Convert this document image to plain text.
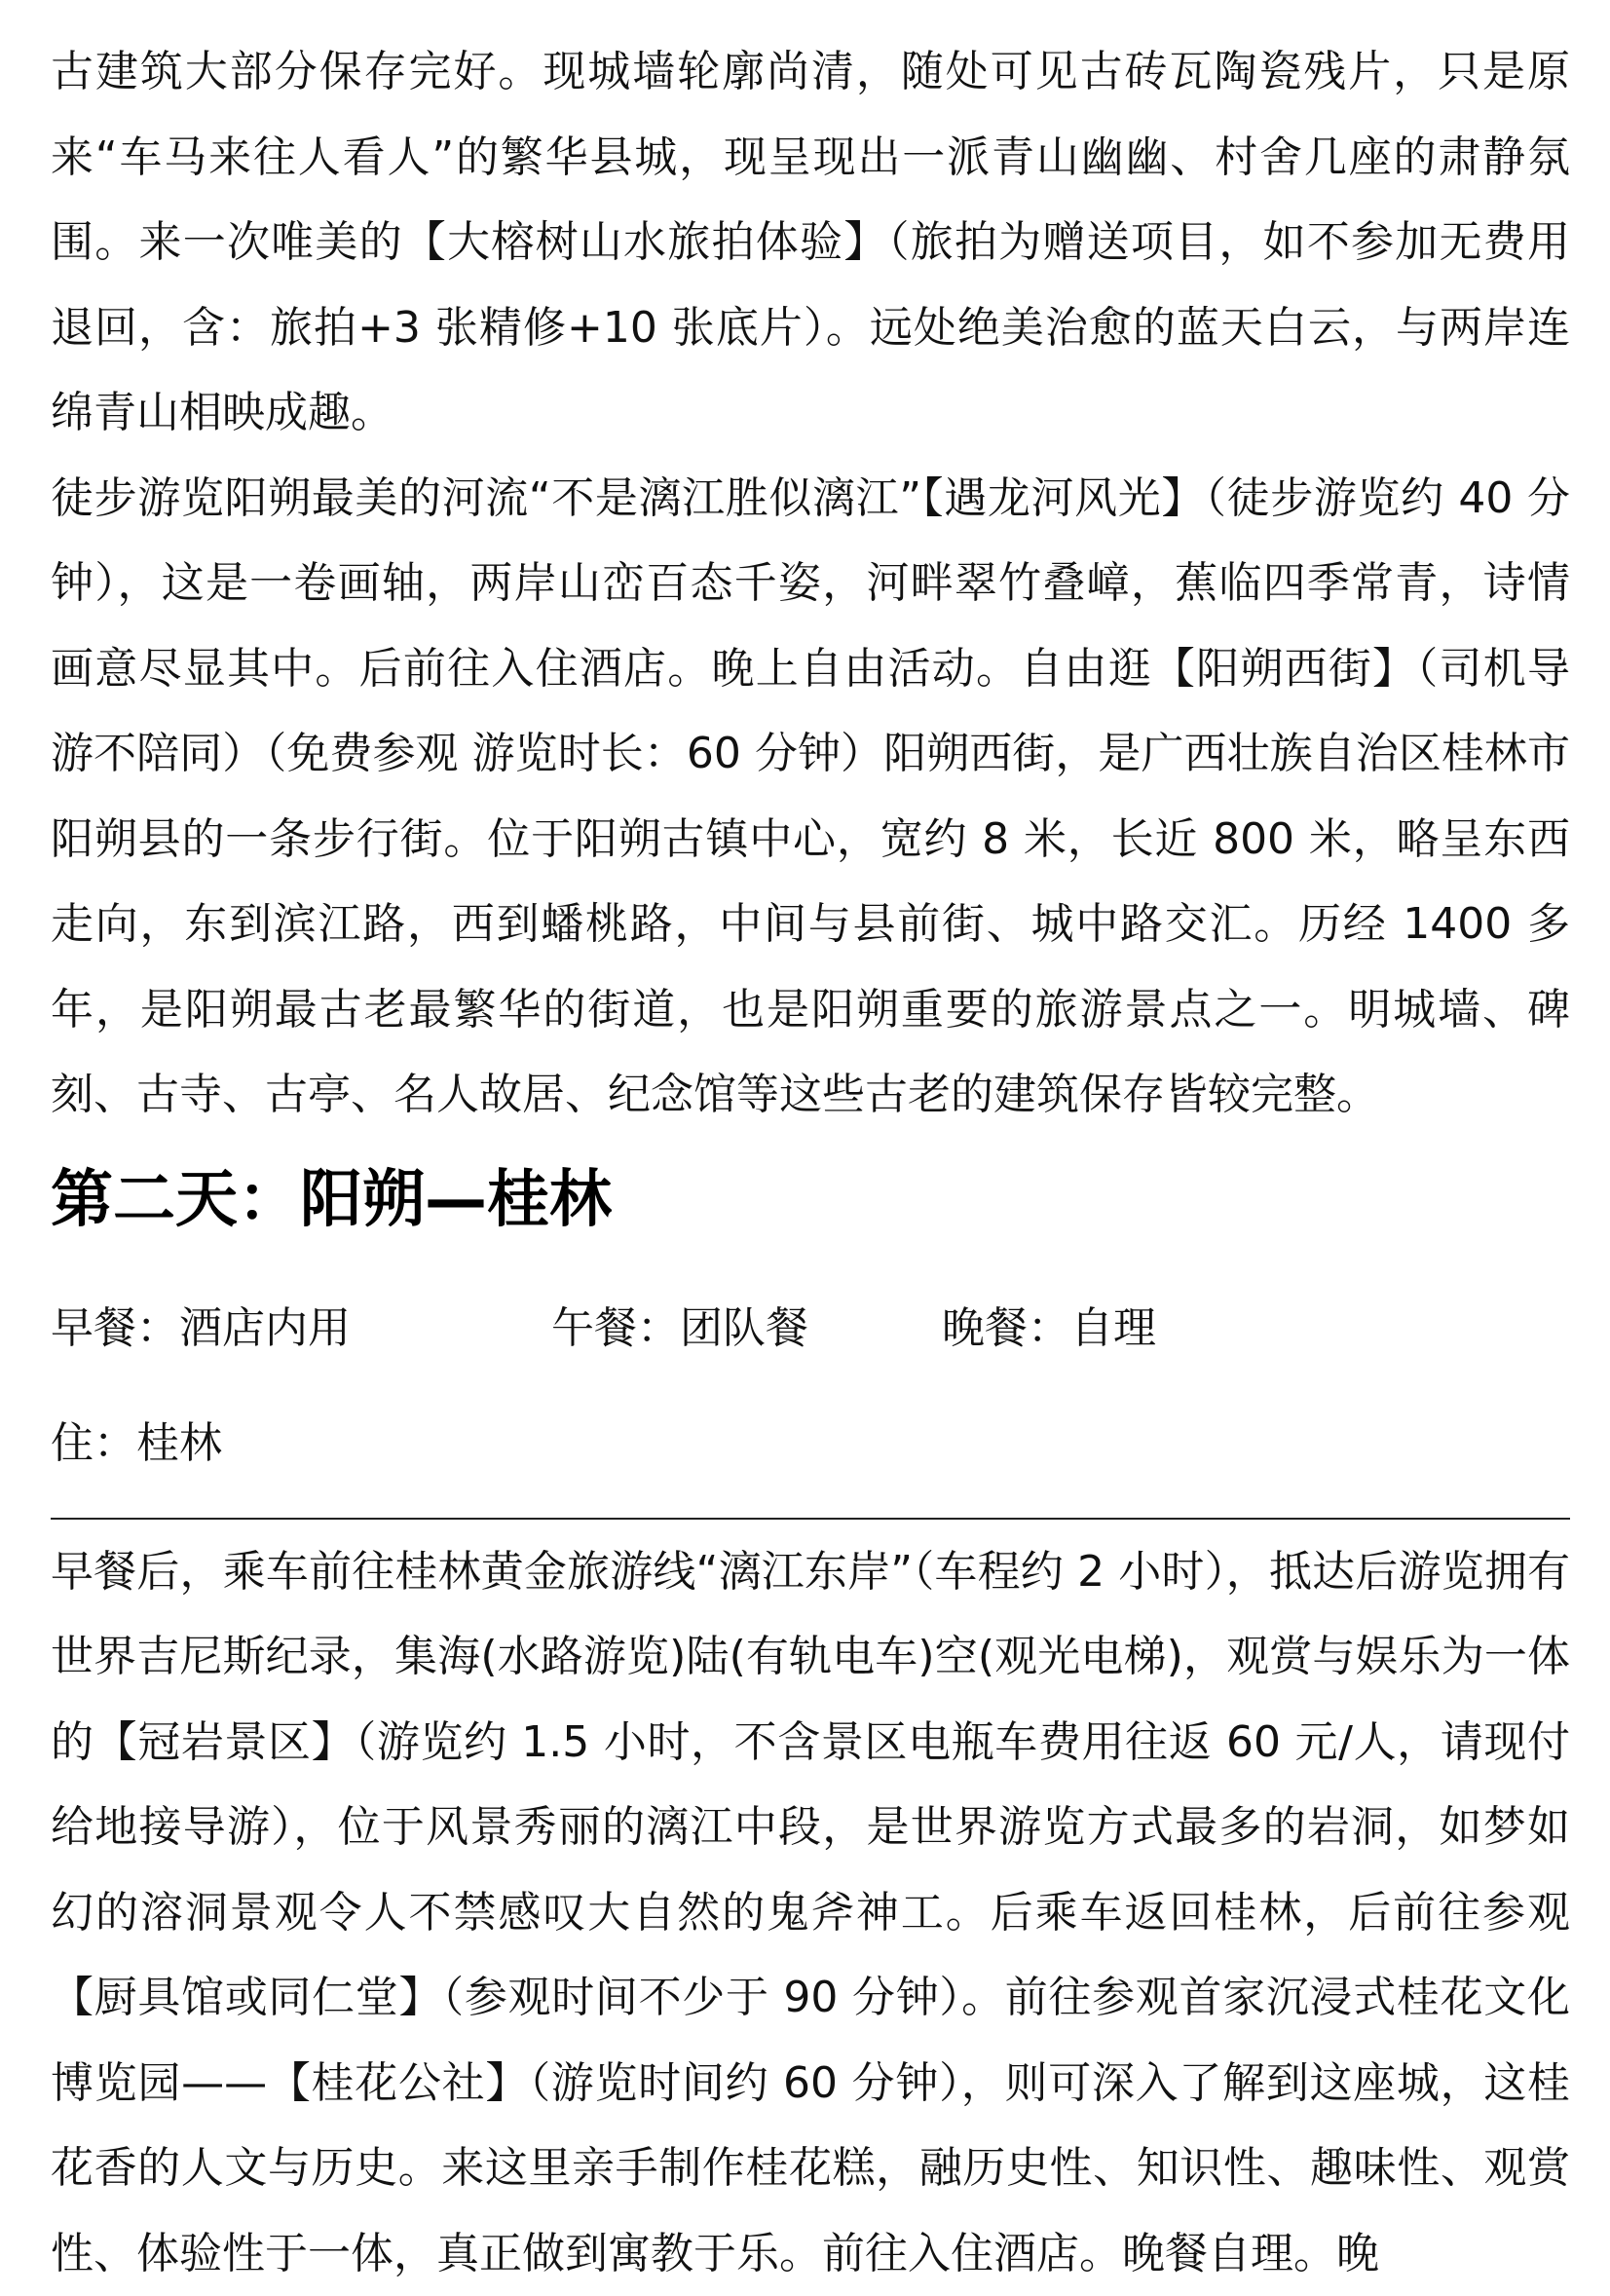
古建筑大部分保存完好。现城墙轮廓尚清，随处可见古砖瓦陶瓷残片，只是原来“车马来往人看人”的繁华县城，现呈现出一派青山幽幽、村舍几座的肃静氛围。来一次唯美的【大榕树山水旅拍体验】（旅拍为赠送项目，如不参加无费用退回，含：旅拍+3 张精修+10 张底片）。远处绝美治愈的蓝天白云，与两岸连绵青山相映成趣。

徒步游览阳朔最美的河流“不是漓江胜似漓江”【遇龙河风光】（徒步游览约 40 分钟），这是一卷画轴，两岸山峦百态千姿，河畔翠竹叠嶂，蕉临四季常青，诗情画意尽显其中。后前往入住酒店。晚上自由活动。自由逛【阳朔西街】（司机导游不陪同）（免费参观 游览时长：60 分钟）阳朔西街，是广西壮族自治区桂林市阳朔县的一条步行街。位于阳朔古镇中心，宽约 8 米，长近 800 米，略呈东西走向，东到滨江路，西到蟠桃路，中间与县前街、城中路交汇。历经 1400 多年，是阳朔最古老最繁华的街道，也是阳朔重要的旅游景点之一。明城墙、碑刻、古寺、古亭、名人故居、纪念馆等这些古老的建筑保存皆较完整。

第二天：阳朔—桂林
早餐：酒店内用	午餐：团队餐	晚餐：自理
住：桂林

早餐后，乘车前往桂林黄金旅游线“漓江东岸”（车程约 2 小时），抵达后游览拥有世界吉尼斯纪录，集海(水路游览)陆(有轨电车)空(观光电梯)，观赏与娱乐为一体的【冠岩景区】（游览约 1.5 小时，不含景区电瓶车费用往返 60 元/人，请现付给地接导游），位于风景秀丽的漓江中段，是世界游览方式最多的岩洞，如梦如幻的溶洞景观令人不禁感叹大自然的鬼斧神工。后乘车返回桂林，后前往参观【厨具馆或同仁堂】（参观时间不少于 90 分钟）。前往参观首家沉浸式桂花文化博览园——【桂花公社】（游览时间约 60 分钟），则可深入了解到这座城，这桂花香的人文与历史。来这里亲手制作桂花糕，融历史性、知识性、趣味性、观赏性、体验性于一体，真正做到寓教于乐。前往入住酒店。晚餐自理。晚
